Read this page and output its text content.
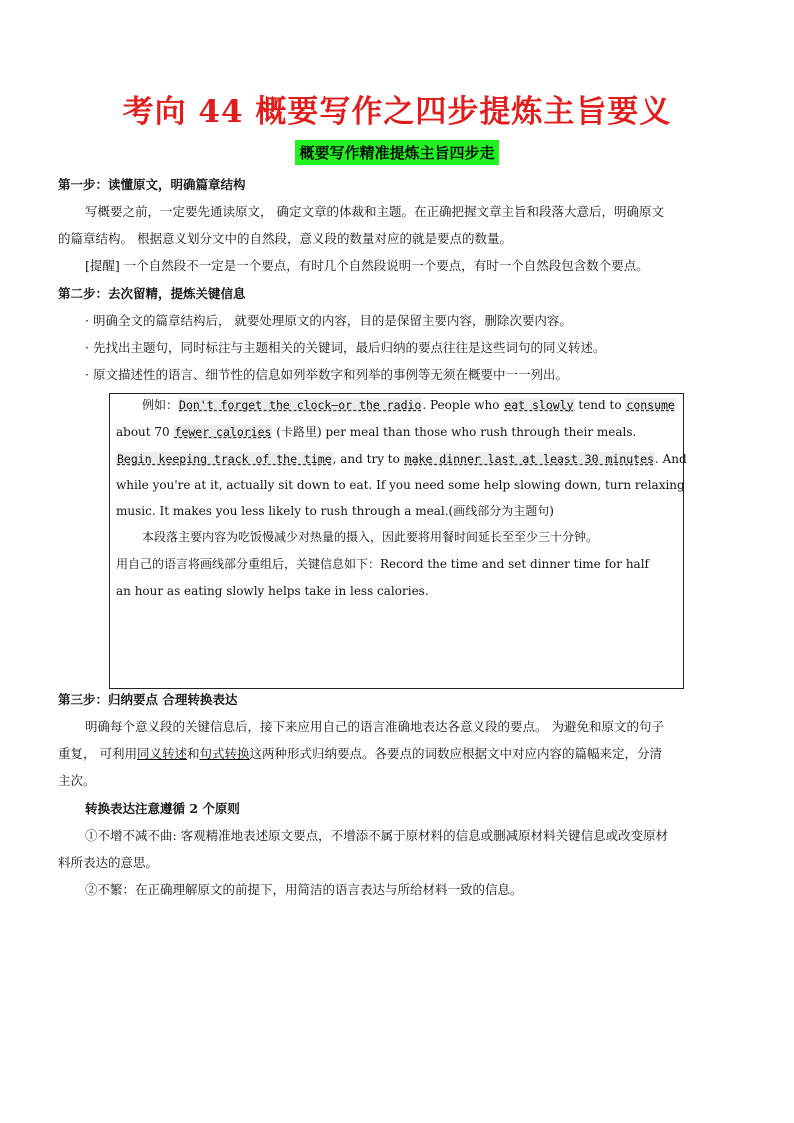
考向 44 概要写作之四步提炼主旨要义
概要写作精准提炼主旨四步走
第一步：读懂原文，明确篇章结构
写概要之前，一定要先通读原文， 确定文章的体裁和主题。在正确把握文章主旨和段落大意后，明确原文
的篇章结构。 根据意义划分文中的自然段，意义段的数量对应的就是要点的数量。
[提醒] 一个自然段不一定是一个要点，有时几个自然段说明一个要点，有时一个自然段包含数个要点。
第二步：去次留精，提炼关键信息
· 明确全文的篇章结构后， 就要处理原文的内容，目的是保留主要内容，删除次要内容。
· 先找出主题句，同时标注与主题相关的关键词，最后归纳的要点往往是这些词句的同义转述。
· 原文描述性的语言、细节性的信息如列举数字和列举的事例等无须在概要中一一列出。
例如：Don't forget the clock—or the radio. People who eat slowly tend to consume
about 70 fewer calories (卡路里) per meal than those who rush through their meals.
Begin keeping track of the time, and try to make dinner last at least 30 minutes. And
while you're at it, actually sit down to eat. If you need some help slowing down, turn relaxing
music. It makes you less likely to rush through a meal.(画线部分为主题句)
本段落主要内容为吃饭慢减少对热量的摄入，因此要将用餐时间延长至至少三十分钟。
用自己的语言将画线部分重组后，关键信息如下：Record the time and set dinner time for half
an hour as eating slowly helps take in less calories.
第三步：归纳要点 合理转换表达
明确每个意义段的关键信息后，接下来应用自己的语言准确地表达各意义段的要点。 为避免和原文的句子
重复， 可利用同义转述和句式转换这两种形式归纳要点。各要点的词数应根据文中对应内容的篇幅来定，分清
主次。
转换表达注意遵循 2 个原则
①不增不减不曲: 客观精准地表述原文要点，不增添不属于原材料的信息或删减原材料关键信息或改变原材
料所表达的意思。
②不繁：在正确理解原文的前提下，用简洁的语言表达与所给材料一致的信息。
